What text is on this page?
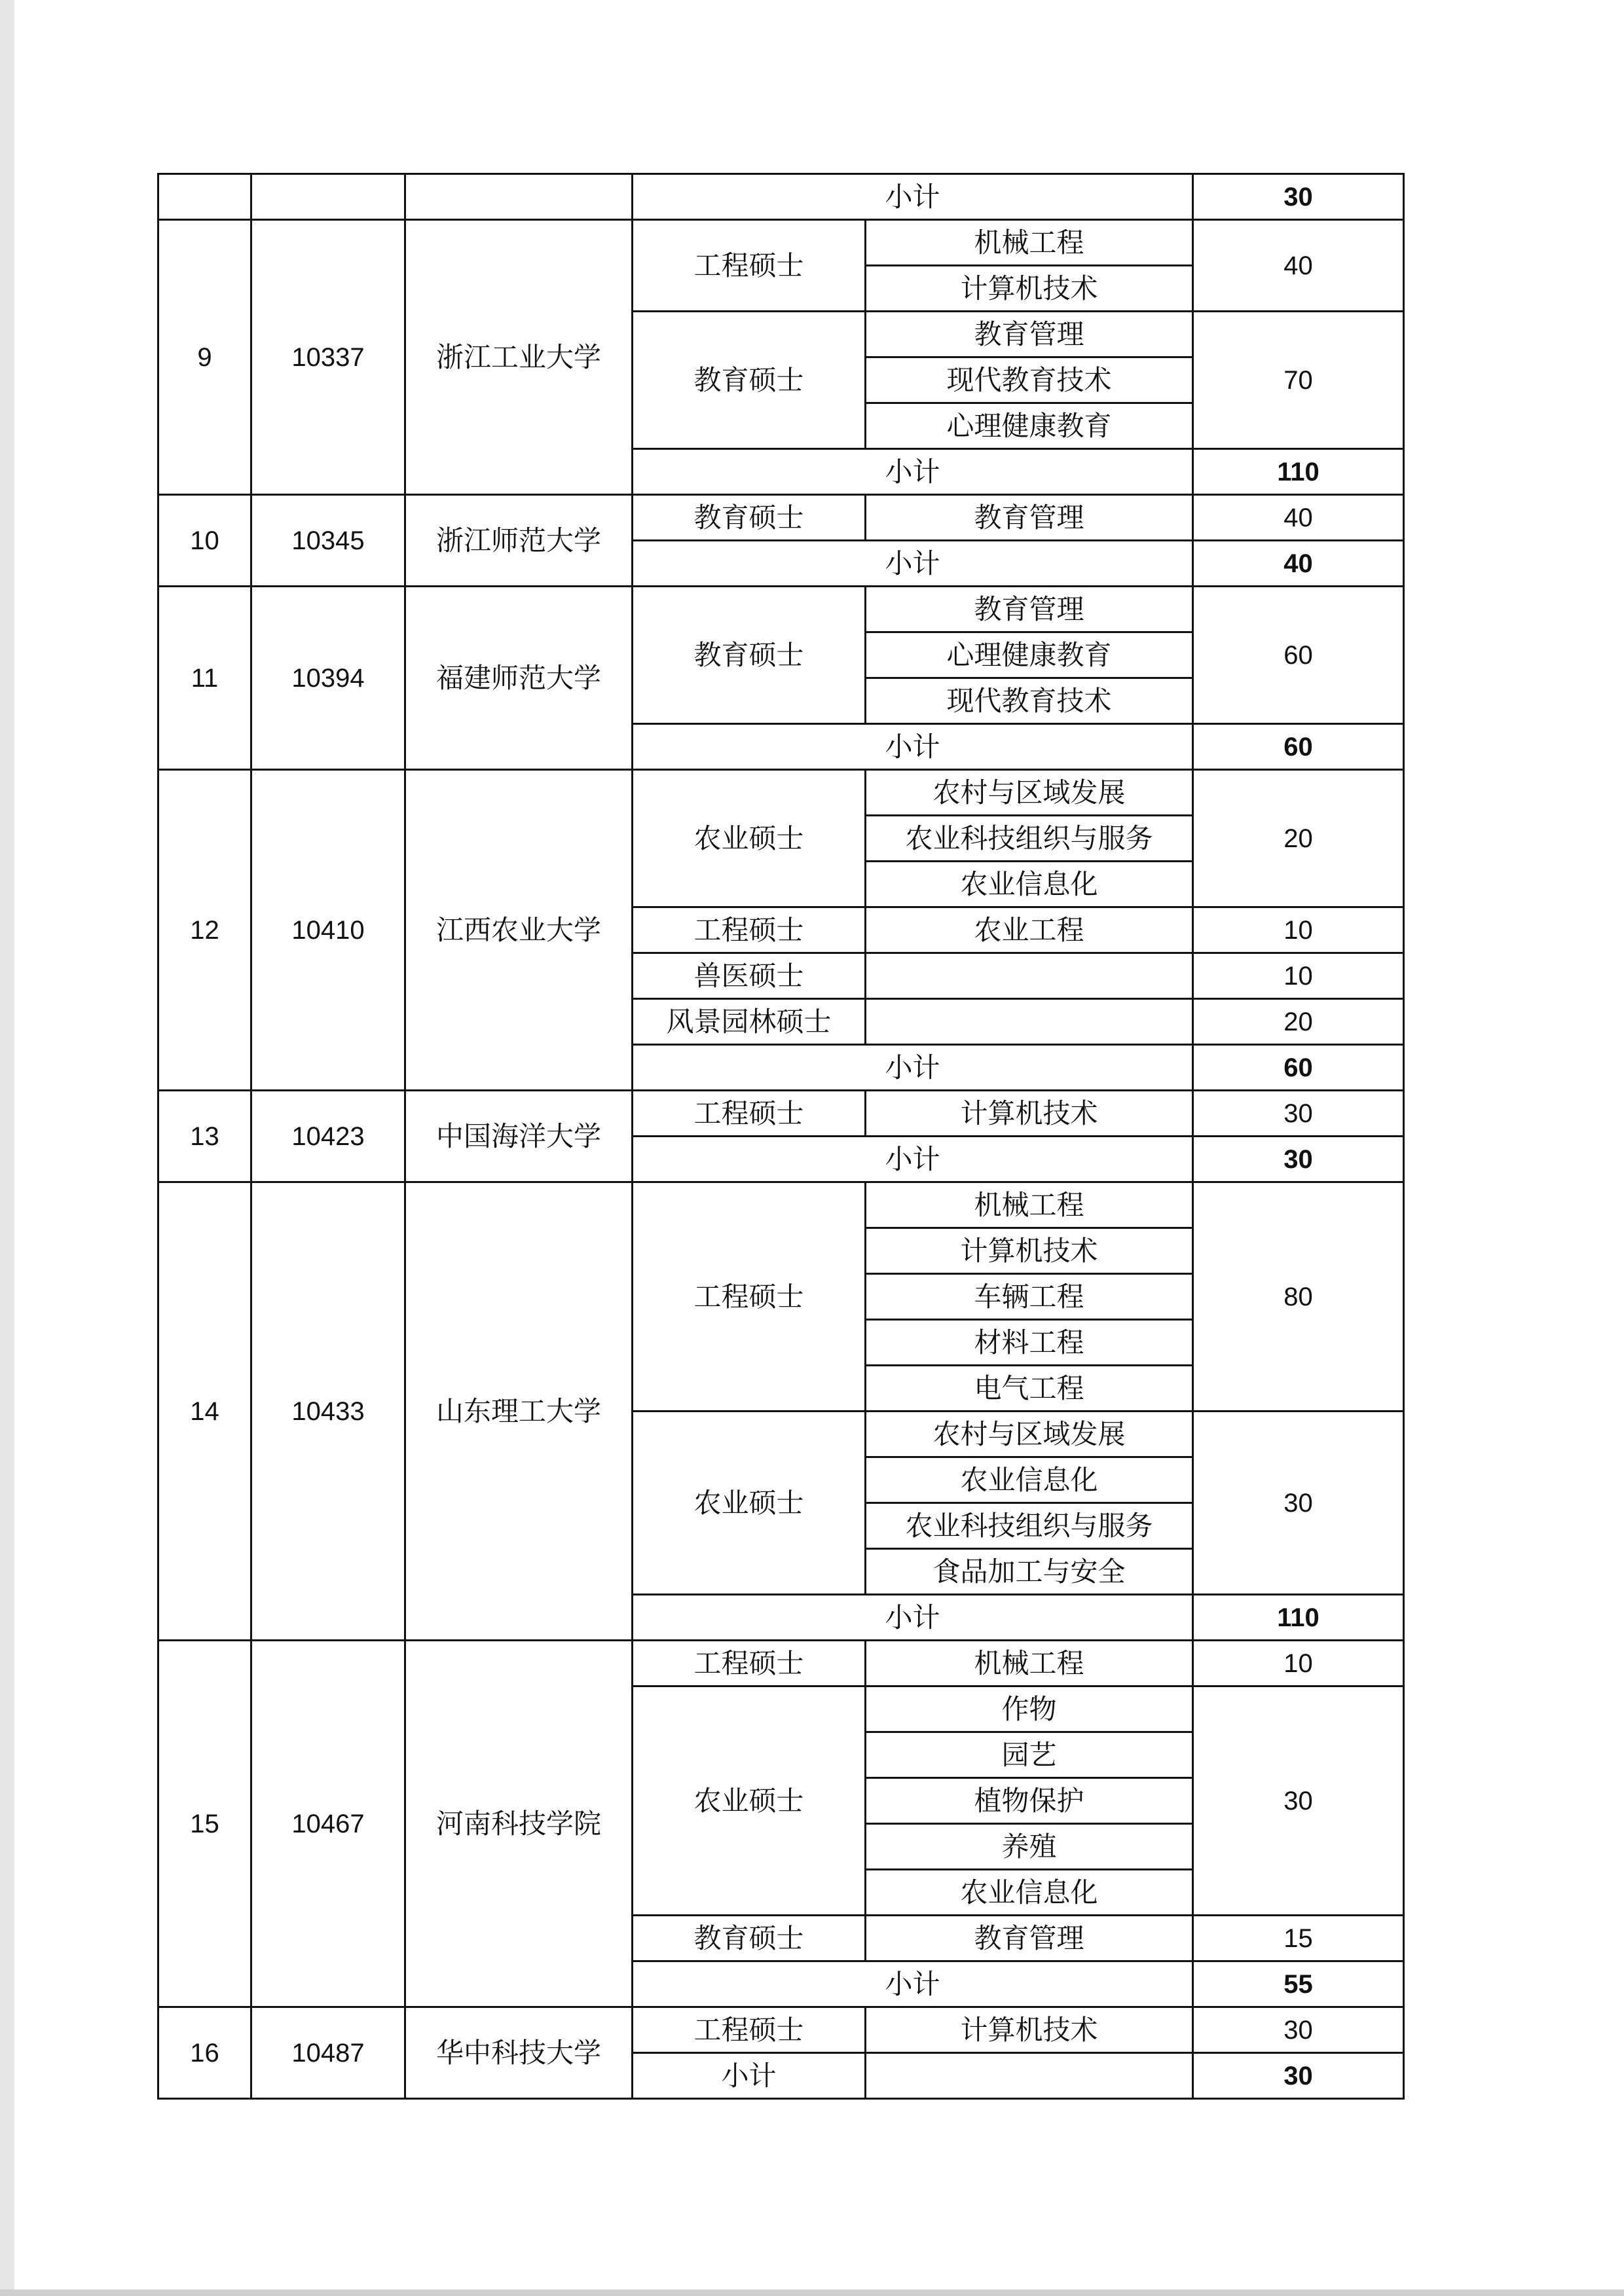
			小计		30
9	10337	浙江工业大学	工程硕士	机械工程	40
				计算机技术	
			教育硕士	教育管理	70
				现代教育技术	
				心理健康教育	
			小计		110
10	10345	浙江师范大学	教育硕士	教育管理	40
			小计		40
11	10394	福建师范大学	教育硕士	教育管理	60
				心理健康教育	
				现代教育技术	
			小计		60
12	10410	江西农业大学	农业硕士	农村与区域发展	20
				农业科技组织与服务	
				农业信息化	
			工程硕士	农业工程	10
			兽医硕士		10
			风景园林硕士		20
			小计		60
13	10423	中国海洋大学	工程硕士	计算机技术	30
			小计		30
14	10433	山东理工大学	工程硕士	机械工程	80
				计算机技术	
				车辆工程	
				材料工程	
				电气工程	
			农业硕士	农村与区域发展	30
				农业信息化	
				农业科技组织与服务	
				食品加工与安全	
			小计		110
15	10467	河南科技学院	工程硕士	机械工程	10
			农业硕士	作物	30
				园艺	
				植物保护	
				养殖	
				农业信息化	
			教育硕士	教育管理	15
			小计		55
16	10487	华中科技大学	工程硕士	计算机技术	30
			小计		30
